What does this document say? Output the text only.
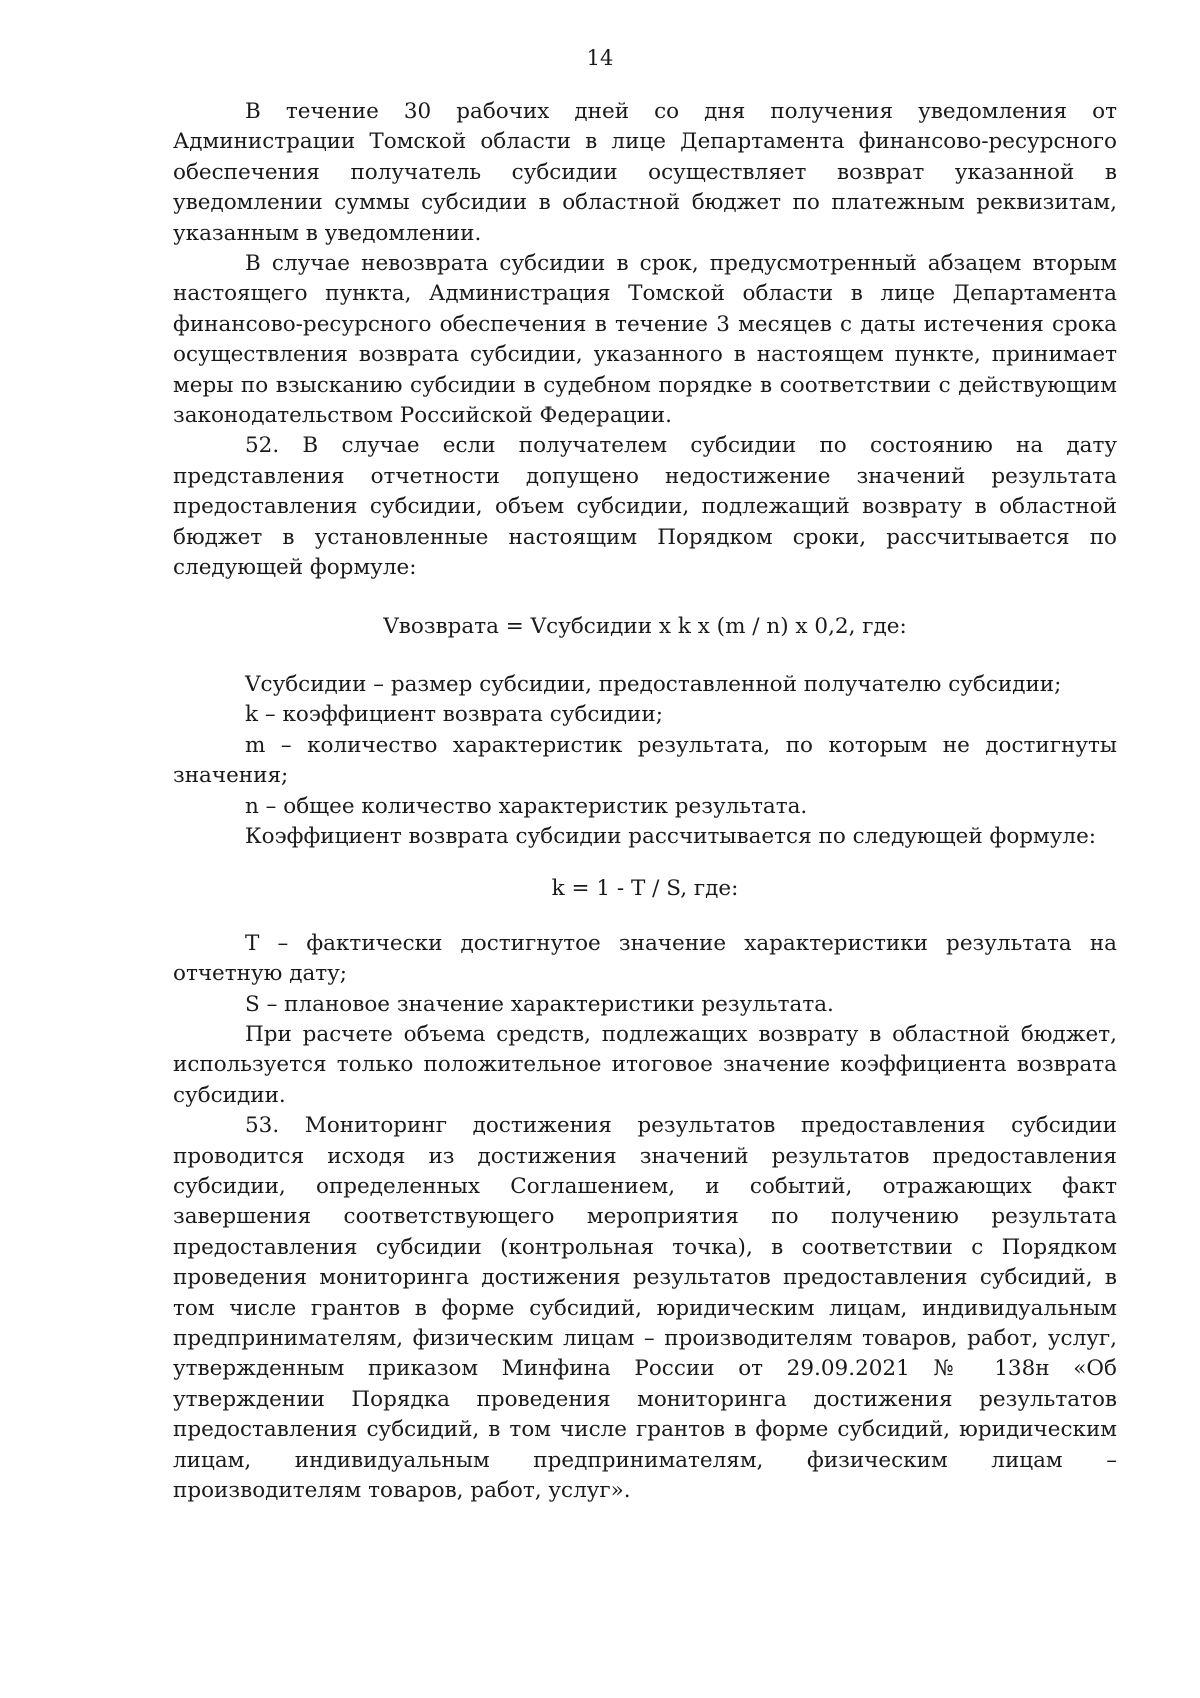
14

В течение 30 рабочих дней со дня получения уведомления от Администрации Томской области в лице Департамента финансово-ресурсного обеспечения получатель субсидии осуществляет возврат указанной в уведомлении суммы субсидии в областной бюджет по платежным реквизитам, указанным в уведомлении.

В случае невозврата субсидии в срок, предусмотренный абзацем вторым настоящего пункта, Администрация Томской области в лице Департамента финансово-ресурсного обеспечения в течение 3 месяцев с даты истечения срока осуществления возврата субсидии, указанного в настоящем пункте, принимает меры по взысканию субсидии в судебном порядке в соответствии с действующим законодательством Российской Федерации.

52. В случае если получателем субсидии по состоянию на дату представления отчетности допущено недостижение значений результата предоставления субсидии, объем субсидии, подлежащий возврату в областной бюджет в установленные настоящим Порядком сроки, рассчитывается по следующей формуле:

Vвозврата = Vсубсидии x k x (m / n) x 0,2, где:

Vсубсидии – размер субсидии, предоставленной получателю субсидии;

k – коэффициент возврата субсидии;

m – количество характеристик результата, по которым не достигнуты значения;

n – общее количество характеристик результата.

Коэффициент возврата субсидии рассчитывается по следующей формуле:

k = 1 - T / S, где:

T – фактически достигнутое значение характеристики результата на отчетную дату;

S – плановое значение характеристики результата.

При расчете объема средств, подлежащих возврату в областной бюджет, используется только положительное итоговое значение коэффициента возврата субсидии.

53. Мониторинг достижения результатов предоставления субсидии проводится исходя из достижения значений результатов предоставления субсидии, определенных Соглашением, и событий, отражающих факт завершения соответствующего мероприятия по получению результата предоставления субсидии (контрольная точка), в соответствии с Порядком проведения мониторинга достижения результатов предоставления субсидий, в том числе грантов в форме субсидий, юридическим лицам, индивидуальным предпринимателям, физическим лицам – производителям товаров, работ, услуг, утвержденным приказом Минфина России от 29.09.2021 № 138н «Об утверждении Порядка проведения мониторинга достижения результатов предоставления субсидий, в том числе грантов в форме субсидий, юридическим лицам, индивидуальным предпринимателям, физическим лицам – производителям товаров, работ, услуг».
